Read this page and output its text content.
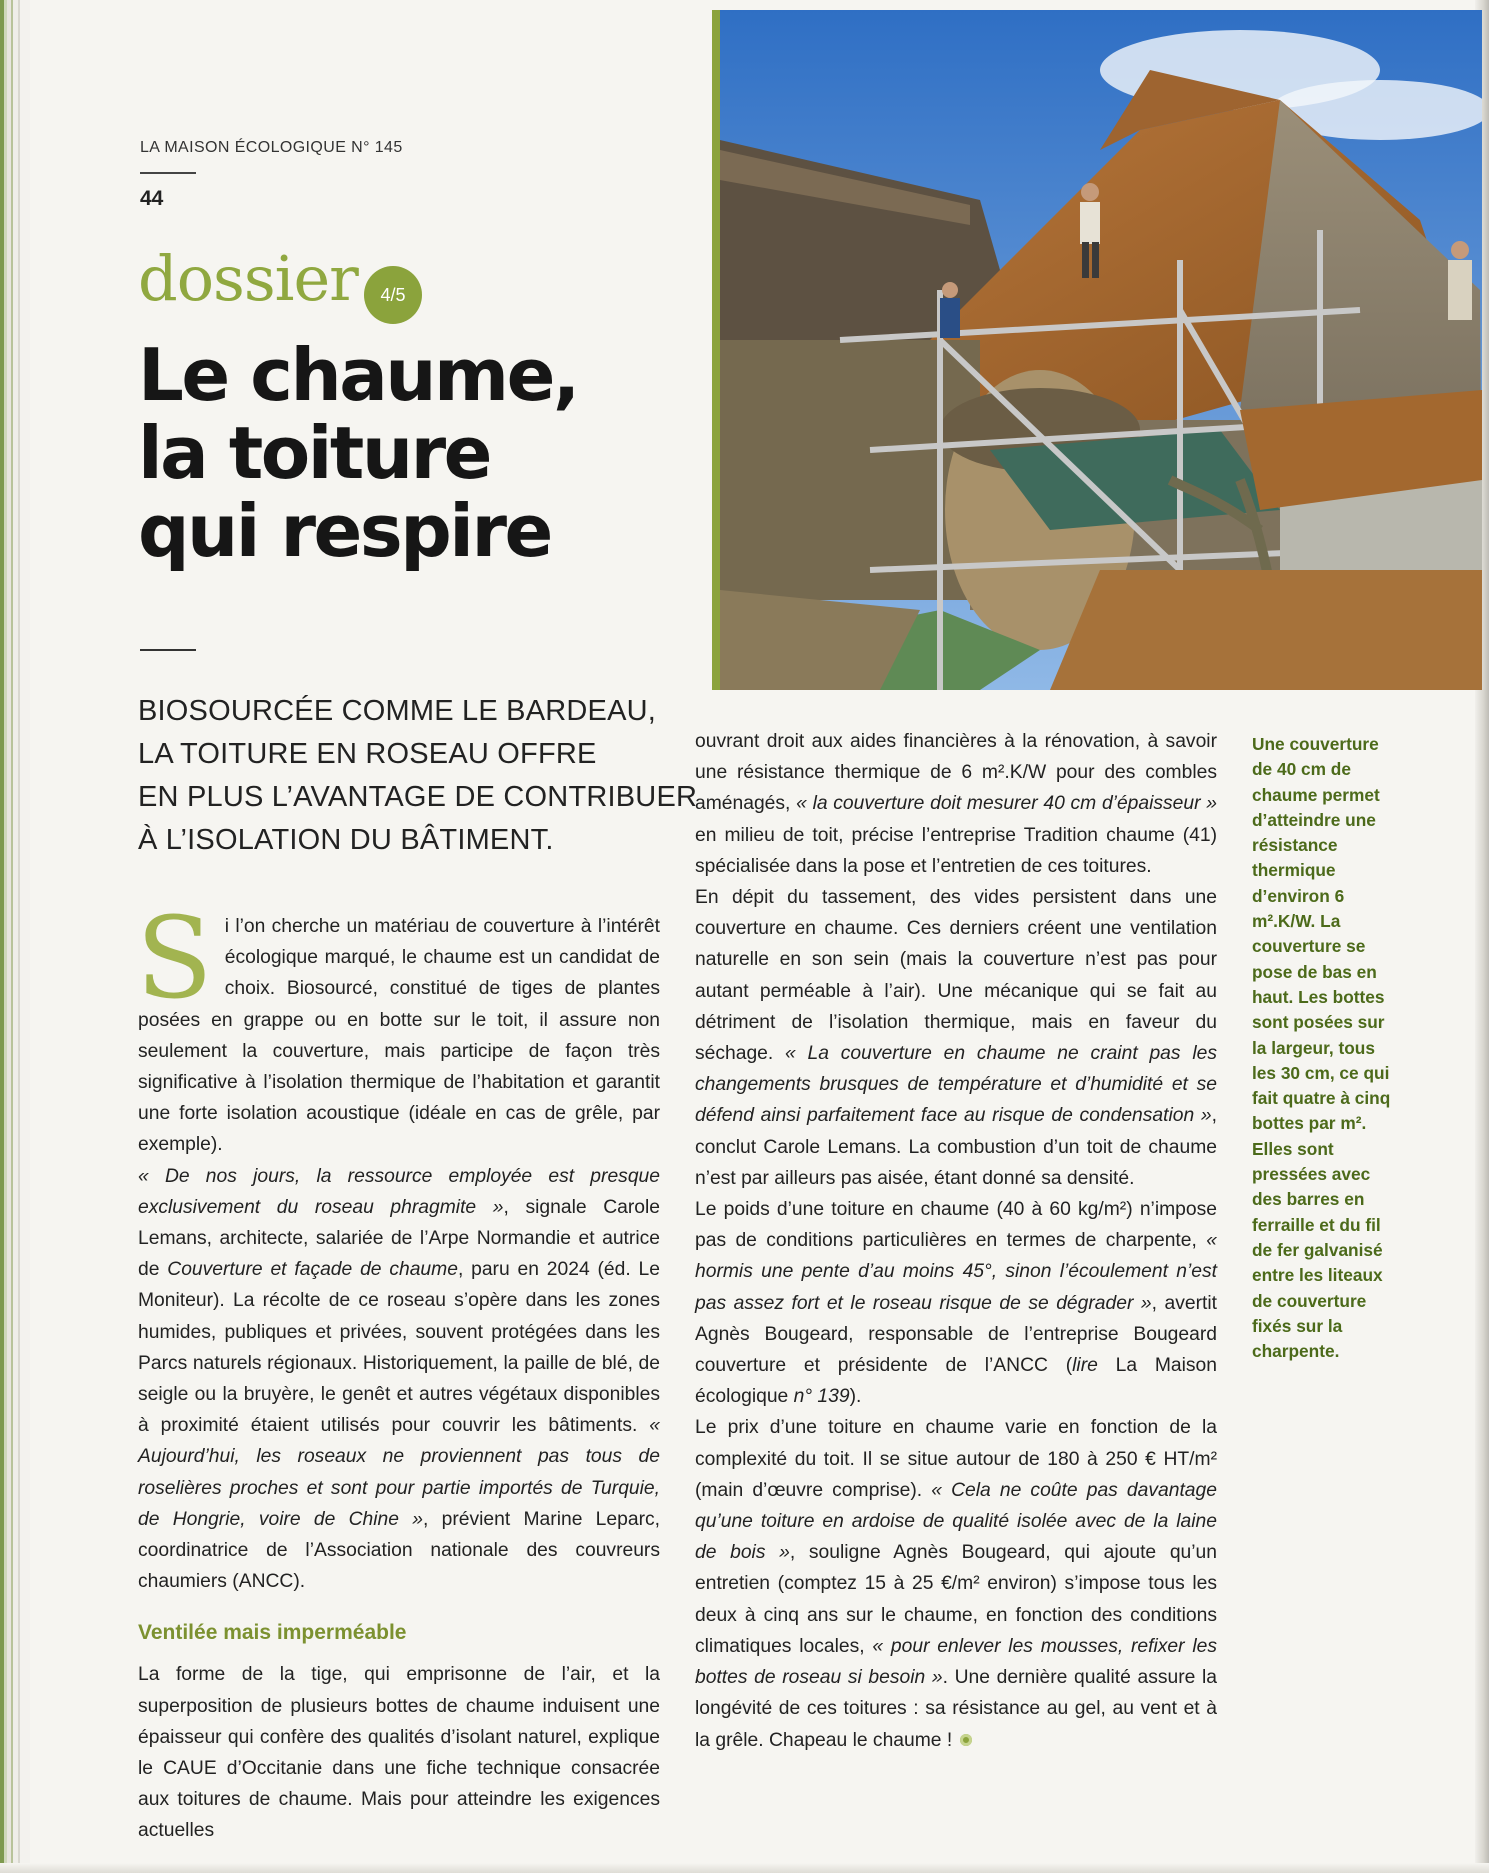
LA MAISON ÉCOLOGIQUE N° 145
44
dossier	4/5
Le chaume,
la toiture
qui respire
BIOSOURCÉE COMME LE BARDEAU,
LA TOITURE EN ROSEAU OFFRE
EN PLUS L’AVANTAGE DE CONTRIBUER
À L’ISOLATION DU BÂTIMENT.
S i l’on cherche un matériau de couverture à l’intérêt écologique marqué, le chaume est un candidat de choix. Biosourcé, constitué de tiges de plantes posées en grappe ou en botte sur le toit, il assure non seulement la couverture, mais participe de façon très significative à l’isolation thermique de l’habitation et garantit une forte isolation acoustique (idéale en cas de grêle, par exemple).

« De nos jours, la ressource employée est presque exclusivement du roseau phragmite », signale Carole Lemans, architecte, salariée de l’Arpe Normandie et autrice de Couverture et façade de chaume, paru en 2024 (éd. Le Moniteur). La récolte de ce roseau s’opère dans les zones humides, publiques et privées, souvent protégées dans les Parcs naturels régionaux. Historiquement, la paille de blé, de seigle ou la bruyère, le genêt et autres végétaux disponibles à proximité étaient utilisés pour couvrir les bâtiments. « Aujourd’hui, les roseaux ne proviennent pas tous de roselières proches et sont pour partie importés de Turquie, de Hongrie, voire de Chine », prévient Marine Leparc, coordinatrice de l’Association nationale des couvreurs chaumiers (ANCC).

Ventilée mais imperméable

La forme de la tige, qui emprisonne de l’air, et la superposition de plusieurs bottes de chaume induisent une épaisseur qui confère des qualités d’isolant naturel, explique le CAUE d’Occitanie dans une fiche technique consacrée aux toitures de chaume. Mais pour atteindre les exigences actuelles

ouvrant droit aux aides financières à la rénovation, à savoir une résistance thermique de 6 m².K/W pour des combles aménagés, « la couverture doit mesurer 40 cm d’épaisseur » en milieu de toit, précise l’entreprise Tradition chaume (41) spécialisée dans la pose et l’entretien de ces toitures.

En dépit du tassement, des vides persistent dans une couverture en chaume. Ces derniers créent une ventilation naturelle en son sein (mais la couverture n’est pas pour autant perméable à l’air). Une mécanique qui se fait au détriment de l’isolation thermique, mais en faveur du séchage. « La couverture en chaume ne craint pas les changements brusques de température et d’humidité et se défend ainsi parfaitement face au risque de condensation », conclut Carole Lemans. La combustion d’un toit de chaume n’est par ailleurs pas aisée, étant donné sa densité.

Le poids d’une toiture en chaume (40 à 60 kg/m²) n’impose pas de conditions particulières en termes de charpente, « hormis une pente d’au moins 45°, sinon l’écoulement n’est pas assez fort et le roseau risque de se dégrader », avertit Agnès Bougeard, responsable de l’entreprise Bougeard couverture et présidente de l’ANCC (lire La Maison écologique n° 139).

Le prix d’une toiture en chaume varie en fonction de la complexité du toit. Il se situe autour de 180 à 250 € HT/m² (main d’œuvre comprise). « Cela ne coûte pas davantage qu’une toiture en ardoise de qualité isolée avec de la laine de bois », souligne Agnès Bougeard, qui ajoute qu’un entretien (comptez 15 à 25 €/m² environ) s’impose tous les deux à cinq ans sur le chaume, en fonction des conditions climatiques locales, « pour enlever les mousses, refixer les bottes de roseau si besoin ». Une dernière qualité assure la longévité de ces toitures : sa résistance au gel, au vent et à la grêle. Chapeau le chaume !

Une couverture de 40 cm de chaume permet d’atteindre une résistance thermique d’environ 6 m².K/W. La couverture se pose de bas en haut. Les bottes sont posées sur la largeur, tous les 30 cm, ce qui fait quatre à cinq bottes par m². Elles sont pressées avec des barres en ferraille et du fil de fer galvanisé entre les liteaux de couverture fixés sur la charpente.
